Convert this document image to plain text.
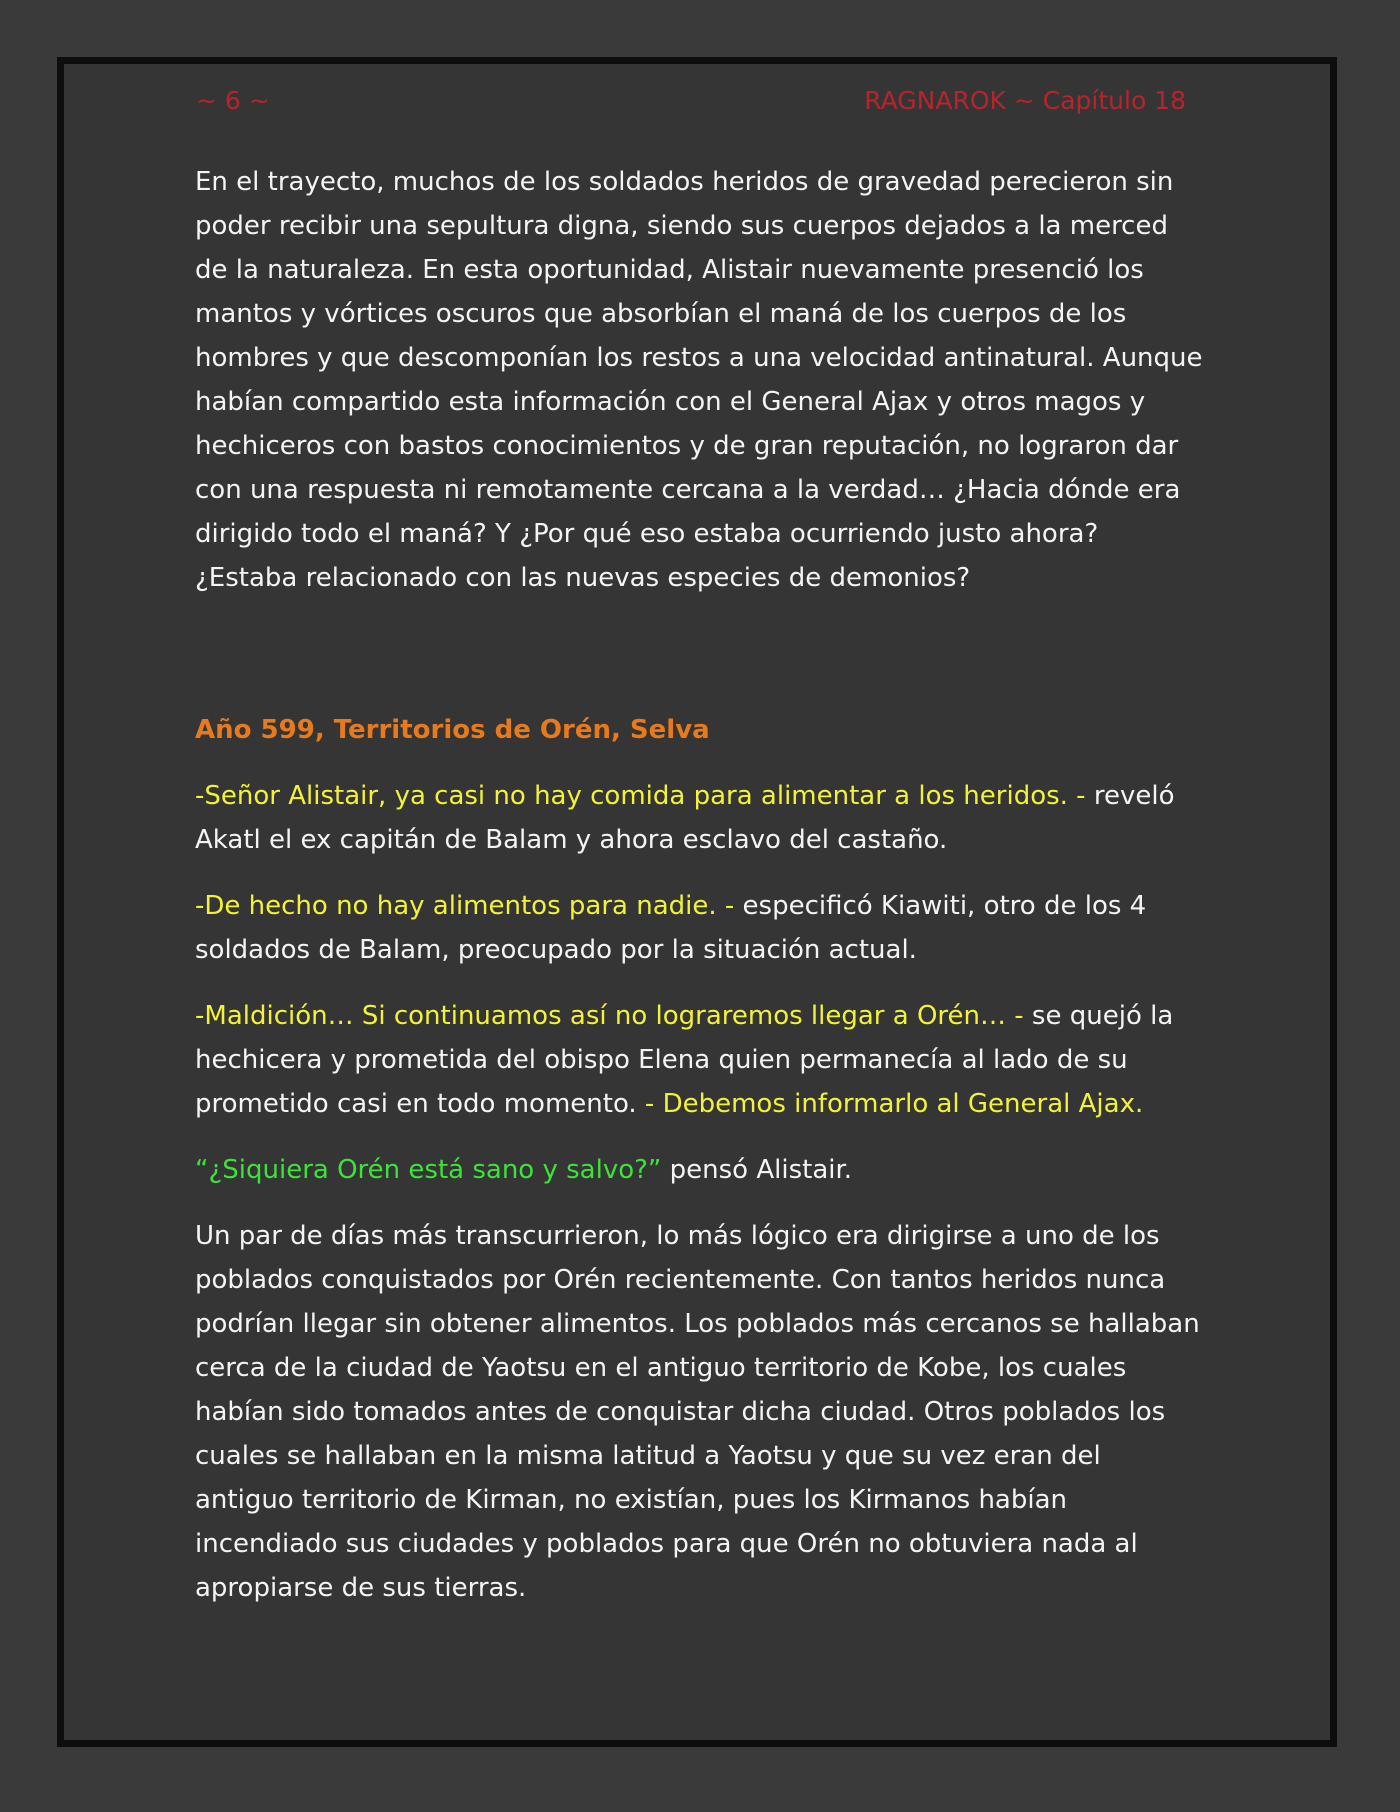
~ 6 ~	RAGNAROK ~ Capítulo 18

En el trayecto, muchos de los soldados heridos de gravedad perecieron sin poder recibir una sepultura digna, siendo sus cuerpos dejados a la merced de la naturaleza. En esta oportunidad, Alistair nuevamente presenció los mantos y vórtices oscuros que absorbían el maná de los cuerpos de los hombres y que descomponían los restos a una velocidad antinatural. Aunque habían compartido esta información con el General Ajax y otros magos y hechiceros con bastos conocimientos y de gran reputación, no lograron dar con una respuesta ni remotamente cercana a la verdad… ¿Hacia dónde era dirigido todo el maná? Y ¿Por qué eso estaba ocurriendo justo ahora? ¿Estaba relacionado con las nuevas especies de demonios?

Año 599, Territorios de Orén, Selva

-Señor Alistair, ya casi no hay comida para alimentar a los heridos. - reveló Akatl el ex capitán de Balam y ahora esclavo del castaño.

-De hecho no hay alimentos para nadie. - especificó Kiawiti, otro de los 4 soldados de Balam, preocupado por la situación actual.

-Maldición… Si continuamos así no lograremos llegar a Orén… - se quejó la hechicera y prometida del obispo Elena quien permanecía al lado de su prometido casi en todo momento. - Debemos informarlo al General Ajax.

“¿Siquiera Orén está sano y salvo?” pensó Alistair.

Un par de días más transcurrieron, lo más lógico era dirigirse a uno de los poblados conquistados por Orén recientemente. Con tantos heridos nunca podrían llegar sin obtener alimentos. Los poblados más cercanos se hallaban cerca de la ciudad de Yaotsu en el antiguo territorio de Kobe, los cuales habían sido tomados antes de conquistar dicha ciudad. Otros poblados los cuales se hallaban en la misma latitud a Yaotsu y que su vez eran del antiguo territorio de Kirman, no existían, pues los Kirmanos habían incendiado sus ciudades y poblados para que Orén no obtuviera nada al apropiarse de sus tierras.
